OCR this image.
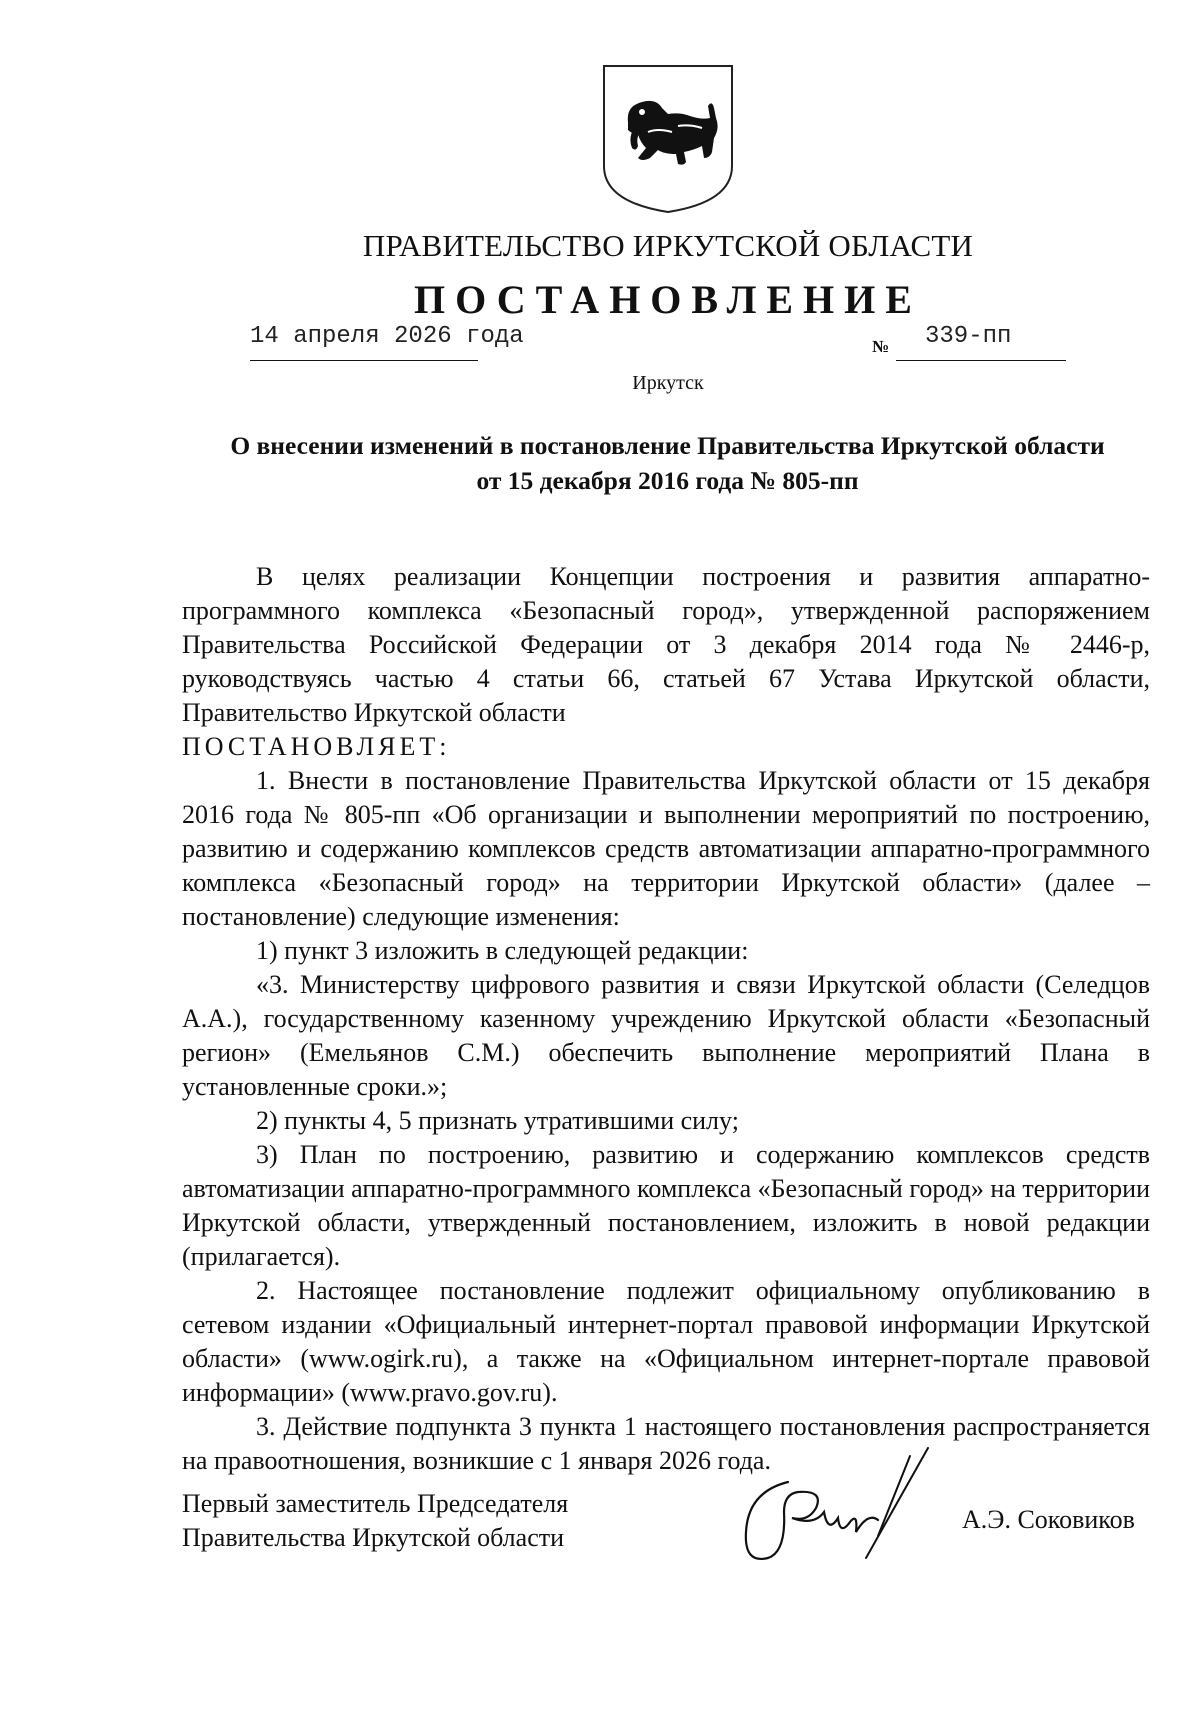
ПРАВИТЕЛЬСТВО ИРКУТСКОЙ ОБЛАСТИ
ПОСТАНОВЛЕНИЕ
14 апреля 2026 года	№ 339-пп
Иркутск
О внесении изменений в постановление Правительства Иркутской области
от 15 декабря 2016 года № 805-пп

В целях реализации Концепции построения и развития аппаратно-программного комплекса «Безопасный город», утвержденной распоряжением Правительства Российской Федерации от 3 декабря 2014 года № 2446-р, руководствуясь частью 4 статьи 66, статьей 67 Устава Иркутской области, Правительство Иркутской области

ПОСТАНОВЛЯЕТ:

1. Внести в постановление Правительства Иркутской области от 15 декабря 2016 года № 805-пп «Об организации и выполнении мероприятий по построению, развитию и содержанию комплексов средств автоматизации аппаратно-программного комплекса «Безопасный город» на территории Иркутской области» (далее – постановление) следующие изменения:

1) пункт 3 изложить в следующей редакции:

«3. Министерству цифрового развития и связи Иркутской области (Селедцов А.А.), государственному казенному учреждению Иркутской области «Безопасный регион» (Емельянов С.М.) обеспечить выполнение мероприятий Плана в установленные сроки.»;

2) пункты 4, 5 признать утратившими силу;

3) План по построению, развитию и содержанию комплексов средств автоматизации аппаратно-программного комплекса «Безопасный город» на территории Иркутской области, утвержденный постановлением, изложить в новой редакции (прилагается).

2. Настоящее постановление подлежит официальному опубликованию в сетевом издании «Официальный интернет-портал правовой информации Иркутской области» (www.ogirk.ru), а также на «Официальном интернет-портале правовой информации» (www.pravo.gov.ru).

3. Действие подпункта 3 пункта 1 настоящего постановления распространяется на правоотношения, возникшие с 1 января 2026 года.

Первый заместитель Председателя
Правительства Иркутской области
А.Э. Соковиков
